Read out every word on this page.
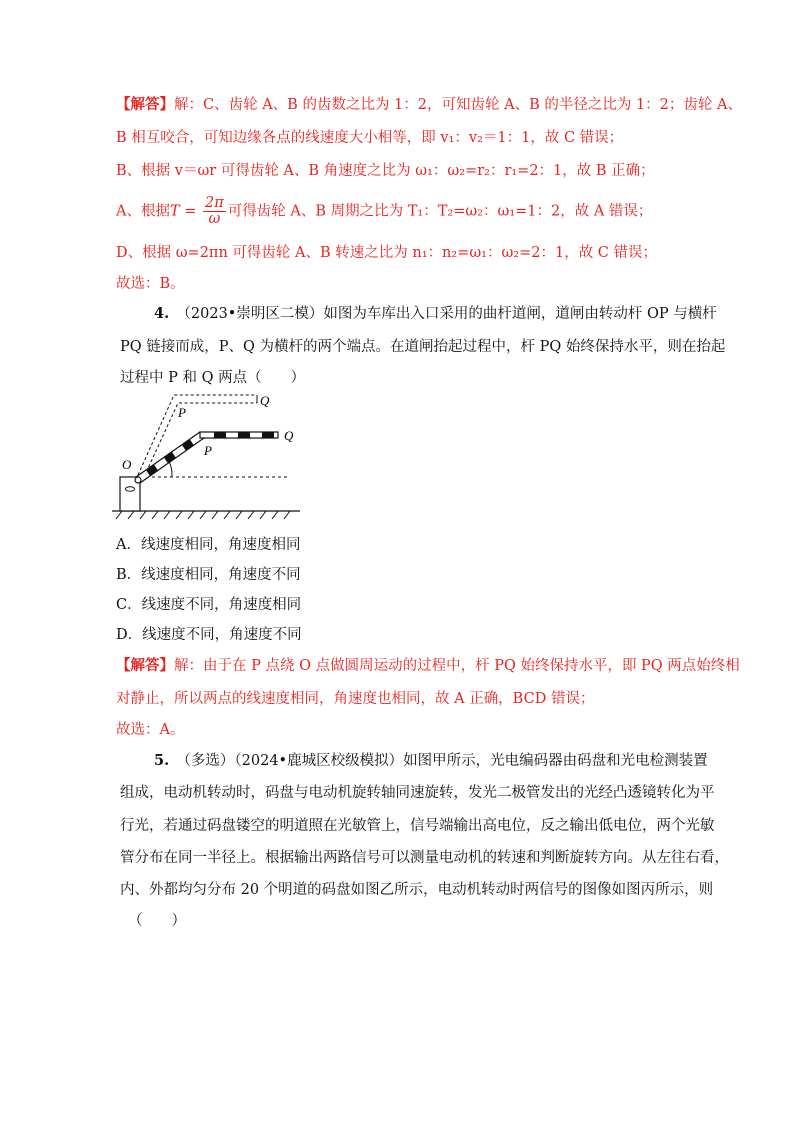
【解答】解：C、齿轮 A、B 的齿数之比为 1：2，可知齿轮 A、B 的半径之比为 1：2；齿轮 A、
B 相互咬合，可知边缘各点的线速度大小相等，即 v₁：v₂＝1：1，故 C 错误；
B、根据 v＝ωr 可得齿轮 A、B 角速度之比为 ω₁：ω₂=r₂：r₁=2：1，故 B 正确；
A、根据$T = \frac{2\pi}{\omega}$ 可得齿轮 A、B 周期之比为 T₁：T₂=ω₂：ω₁=1：2，故 A 错误；
D、根据 ω=2πn 可得齿轮 A、B 转速之比为 n₁：n₂=ω₁：ω₂=2：1，故 C 错误；
故选：B。
4.　 （2023•崇明区二模）如图为车库出入口采用的曲杆道闸，道闸由转动杆 OP 与横杆
PQ 链接而成，P、Q 为横杆的两个端点。在道闸抬起过程中，杆 PQ 始终保持水平，则在抬起
过程中 P 和 Q 两点（　　）
O
P
Q
P
Q
A．线速度相同，角速度相同
B．线速度相同，角速度不同
C．线速度不同，角速度相同
D．线速度不同，角速度不同
【解答】解：由于在 P 点绕 O 点做圆周运动的过程中，杆 PQ 始终保持水平，即 PQ 两点始终相
对静止，所以两点的线速度相同，角速度也相同，故 A 正确，BCD 错误；
故选：A。
5.　 （多选）（2024•鹿城区校级模拟）如图甲所示，光电编码器由码盘和光电检测装置
组成，电动机转动时，码盘与电动机旋转轴同速旋转，发光二极管发出的光经凸透镜转化为平
行光，若通过码盘镂空的明道照在光敏管上，信号端输出高电位，反之输出低电位，两个光敏
管分布在同一半径上。根据输出两路信号可以测量电动机的转速和判断旋转方向。从左往右看，
内、外都均匀分布 20 个明道的码盘如图乙所示，电动机转动时两信号的图像如图丙所示，则
（　　）
